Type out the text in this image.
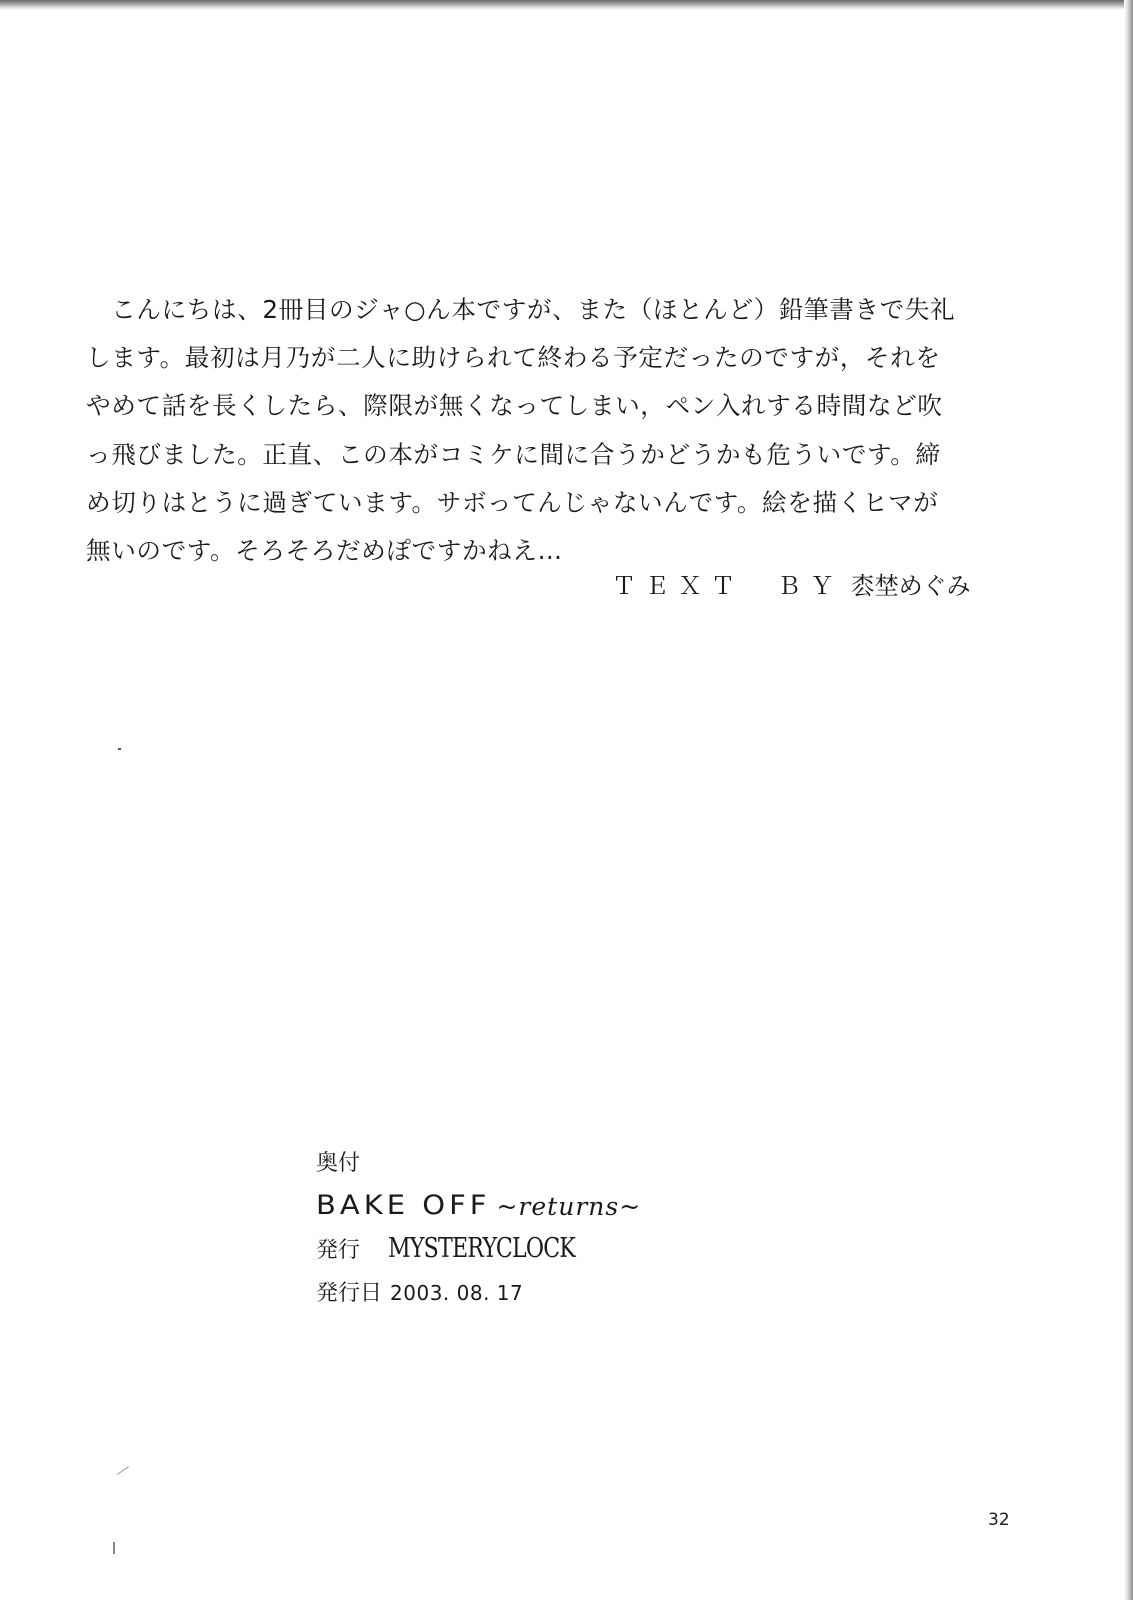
　こんにちは、2冊目のジャ○ん本ですが、また（ほとんど）鉛筆書きで失礼
します。最初は月乃が二人に助けられて終わる予定だったのですが，それを
やめて話を長くしたら、際限が無くなってしまい，ペン入れする時間など吹
っ飛びました。正直、この本がコミケに間に合うかどうかも危ういです。締
め切りはとうに過ぎています。サボってんじゃないんです。絵を描くヒマが
無いのです。そろそろだめぽですかねえ…
ＴＥＸＴ　ＢＹ 枩埜めぐみ
奥付
BAKE OFF ~returns~
発行 MYSTERYCLOCK
発行日 2003. 08. 17
32
